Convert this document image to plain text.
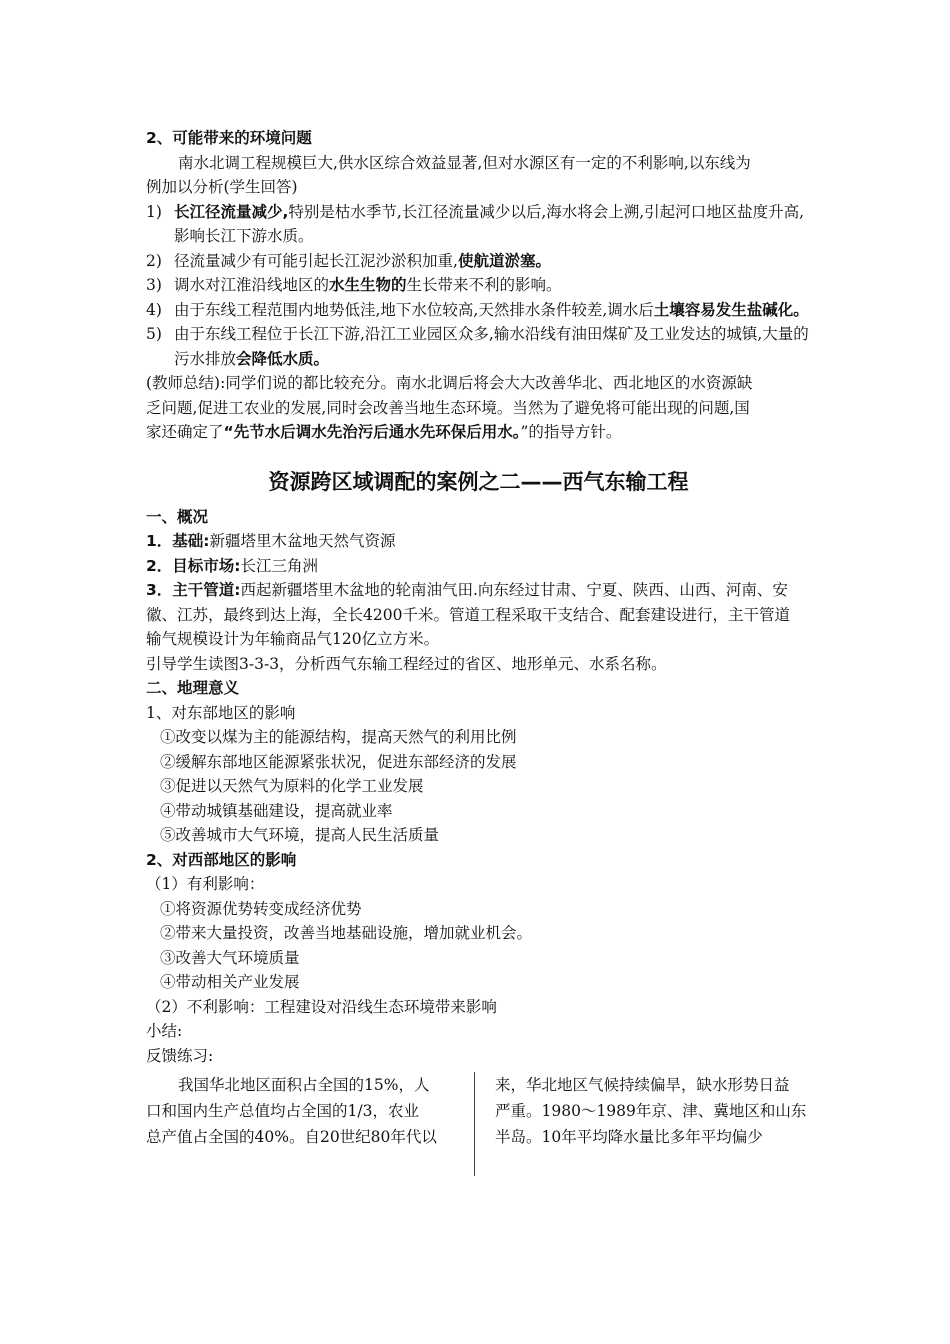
2、可能带来的环境问题
南水北调工程规模巨大,供水区综合效益显著,但对水源区有一定的不利影响,以东线为
例加以分析(学生回答)
1) 长江径流量减少,特别是枯水季节,长江径流量减少以后,海水将会上溯,引起河口地区盐度升高,影响长江下游水质。
2) 径流量减少有可能引起长江泥沙淤积加重,使航道淤塞。
3) 调水对江淮沿线地区的水生生物的生长带来不利的影响。
4) 由于东线工程范围内地势低洼,地下水位较高,天然排水条件较差,调水后土壤容易发生盐碱化。
5) 由于东线工程位于长江下游,沿江工业园区众多,输水沿线有油田煤矿及工业发达的城镇,大量的污水排放会降低水质。
(教师总结):同学们说的都比较充分。南水北调后将会大大改善华北、西北地区的水资源缺
乏问题,促进工农业的发展,同时会改善当地生态环境。当然为了避免将可能出现的问题,国
家还确定了“先节水后调水先治污后通水先环保后用水。”的指导方针。
资源跨区域调配的案例之二——西气东输工程
一、概况
1．基础:新疆塔里木盆地天然气资源
2．目标市场:长江三角洲
3．主干管道:西起新疆塔里木盆地的轮南油气田.向东经过甘肃、宁夏、陕西、山西、河南、安
徽、江苏，最终到达上海，全长4200千米。管道工程采取干支结合、配套建设进行，主干管道
输气规模设计为年输商品气120亿立方米。
引导学生读图3-3-3，分析西气东输工程经过的省区、地形单元、水系名称。
二、地理意义
1、对东部地区的影响
①改变以煤为主的能源结构，提高天然气的利用比例
②缓解东部地区能源紧张状况，促进东部经济的发展
③促进以天然气为原料的化学工业发展
④带动城镇基础建设，提高就业率
⑤改善城市大气环境，提高人民生活质量
2、对西部地区的影响
（1）有利影响：
①将资源优势转变成经济优势
②带来大量投资，改善当地基础设施，增加就业机会。
③改善大气环境质量
④带动相关产业发展
（2）不利影响：工程建设对沿线生态环境带来影响
小结:
反馈练习:
我国华北地区面积占全国的15%，人
口和国内生产总值均占全国的1/3，农业
总产值占全国的40%。自20世纪80年代以
来，华北地区气候持续偏旱，缺水形势日益
严重。1980～1989年京、津、冀地区和山东
半岛。10年平均降水量比多年平均偏少
